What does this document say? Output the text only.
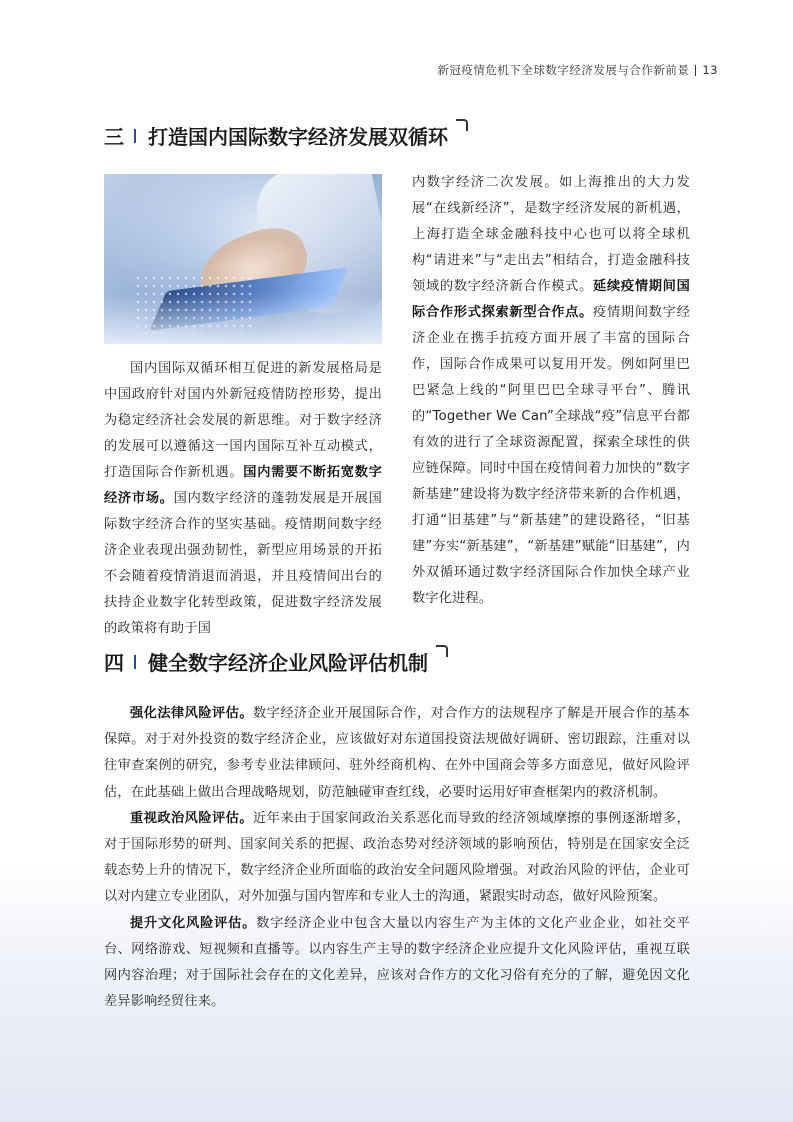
新冠疫情危机下全球数字经济发展与合作新前景 13
三 打造国内国际数字经济发展双循环

国内国际双循环相互促进的新发展格局是中国政府针对国内外新冠疫情防控形势，提出为稳定经济社会发展的新思维。对于数字经济的发展可以遵循这一国内国际互补互动模式，打造国际合作新机遇。国内需要不断拓宽数字经济市场。国内数字经济的蓬勃发展是开展国际数字经济合作的坚实基础。疫情期间数字经济企业表现出强劲韧性，新型应用场景的开拓不会随着疫情消退而消退，并且疫情间出台的扶持企业数字化转型政策，促进数字经济发展的政策将有助于国

内数字经济二次发展。如上海推出的大力发展“在线新经济”，是数字经济发展的新机遇，上海打造全球金融科技中心也可以将全球机构“请进来”与“走出去”相结合，打造金融科技领域的数字经济新合作模式。延续疫情期间国际合作形式探索新型合作点。疫情期间数字经济企业在携手抗疫方面开展了丰富的国际合作，国际合作成果可以复用开发。例如阿里巴巴紧急上线的“阿里巴巴全球寻平台”、腾讯的“Together We Can”全球战“疫”信息平台都有效的进行了全球资源配置，探索全球性的供应链保障。同时中国在疫情间着力加快的“数字新基建”建设将为数字经济带来新的合作机遇，打通“旧基建”与“新基建”的建设路径，“旧基建”夯实“新基建”，“新基建”赋能“旧基建”，内外双循环通过数字经济国际合作加快全球产业数字化进程。

四 健全数字经济企业风险评估机制

强化法律风险评估。数字经济企业开展国际合作，对合作方的法规程序了解是开展合作的基本保障。对于对外投资的数字经济企业，应该做好对东道国投资法规做好调研、密切跟踪，注重对以往审查案例的研究，参考专业法律顾问、驻外经商机构、在外中国商会等多方面意见，做好风险评估，在此基础上做出合理战略规划，防范触碰审查红线，必要时运用好审查框架内的救济机制。

重视政治风险评估。近年来由于国家间政治关系恶化而导致的经济领域摩擦的事例逐渐增多，对于国际形势的研判、国家间关系的把握、政治态势对经济领域的影响预估，特别是在国家安全泛载态势上升的情况下，数字经济企业所面临的政治安全问题风险增强。对政治风险的评估，企业可以对内建立专业团队，对外加强与国内智库和专业人士的沟通，紧跟实时动态，做好风险预案。

提升文化风险评估。数字经济企业中包含大量以内容生产为主体的文化产业企业，如社交平台、网络游戏、短视频和直播等。以内容生产主导的数字经济企业应提升文化风险评估，重视互联网内容治理；对于国际社会存在的文化差异，应该对合作方的文化习俗有充分的了解，避免因文化差异影响经贸往来。
